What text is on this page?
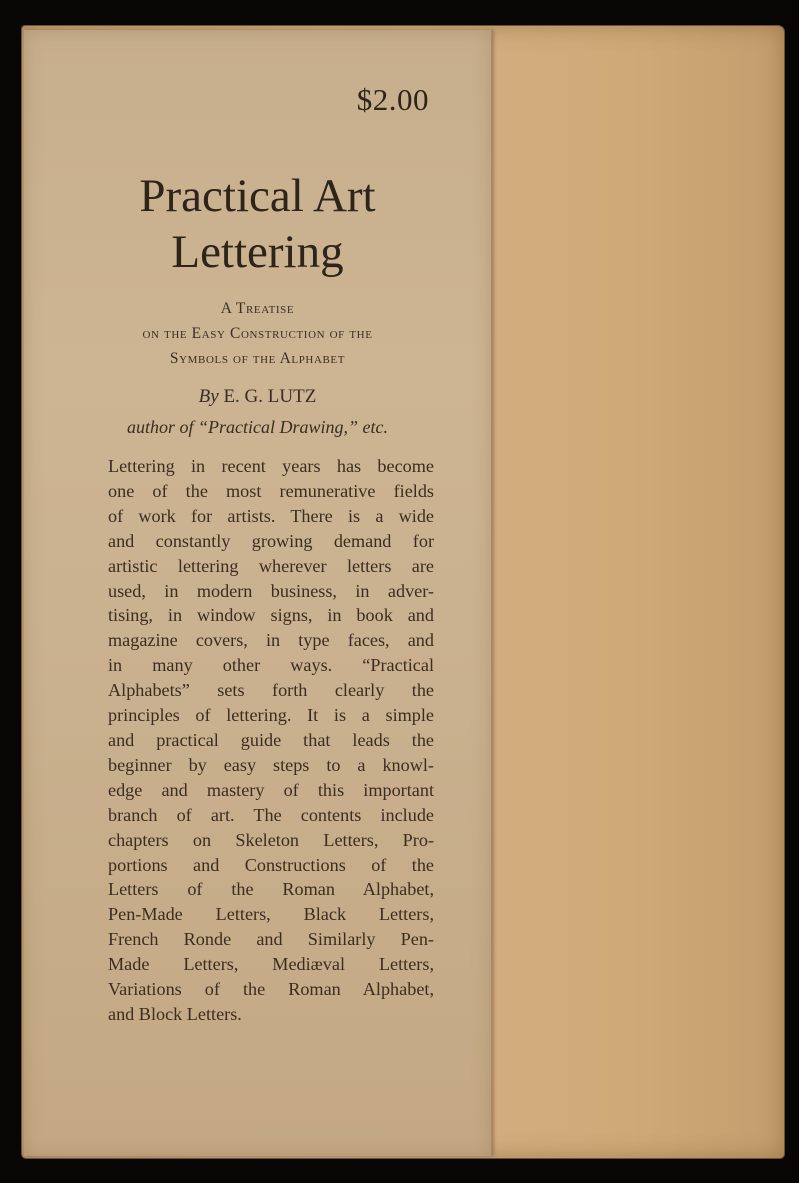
$2.00
Practical Art
Lettering
A Treatise
on the Easy Construction of the
Symbols of the Alphabet
By E. G. LUTZ
author of “Practical Drawing,” etc.
Lettering in recent years has become
one of the most remunerative fields
of work for artists. There is a wide
and constantly growing demand for
artistic lettering wherever letters are
used, in modern business, in adver-
tising, in window signs, in book and
magazine covers, in type faces, and
in many other ways. “Practical
Alphabets” sets forth clearly the
principles of lettering. It is a simple
and practical guide that leads the
beginner by easy steps to a knowl-
edge and mastery of this important
branch of art. The contents include
chapters on Skeleton Letters, Pro-
portions and Constructions of the
Letters of the Roman Alphabet,
Pen-Made Letters, Black Letters,
French Ronde and Similarly Pen-
Made Letters, Mediæval Letters,
Variations of the Roman Alphabet,
and Block Letters.
